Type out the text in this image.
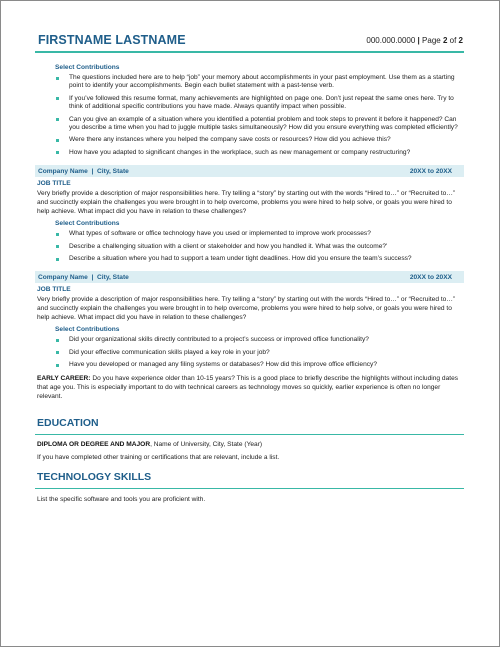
FIRSTNAME LASTNAME	000.000.0000 | Page 2 of 2
Select Contributions
The questions included here are to help “job” your memory about accomplishments in your past employment. Use them as a starting point to identify your accomplishments. Begin each bullet statement with a past-tense verb.
If you’ve followed this resume format, many achievements are highlighted on page one. Don’t just repeat the same ones here. Try to think of additional specific contributions you have made. Always quantify impact when possible.
Can you give an example of a situation where you identified a potential problem and took steps to prevent it before it happened? Can you describe a time when you had to juggle multiple tasks simultaneously? How did you ensure everything was completed efficiently?
Were there any instances where you helped the company save costs or resources? How did you achieve this?
How have you adapted to significant changes in the workplace, such as new management or company restructuring?
Company Name | City, State	20XX to 20XX
JOB TITLE
Very briefly provide a description of major responsibilities here. Try telling a “story” by starting out with the words “Hired to…” or “Recruited to…” and succinctly explain the challenges you were brought in to help overcome, problems you were hired to help solve, or goals you were hired to help achieve. What impact did you have in relation to these challenges?
Select Contributions
What types of software or office technology have you used or implemented to improve work processes?
Describe a challenging situation with a client or stakeholder and how you handled it. What was the outcome?'
Describe a situation where you had to support a team under tight deadlines. How did you ensure the team’s success?
Company Name | City, State	20XX to 20XX
JOB TITLE
Very briefly provide a description of major responsibilities here. Try telling a “story” by starting out with the words “Hired to…” or “Recruited to…” and succinctly explain the challenges you were brought in to help overcome, problems you were hired to help solve, or goals you were hired to help achieve. What impact did you have in relation to these challenges?
Select Contributions
Did your organizational skills directly contributed to a project’s success or improved office functionality?
Did your effective communication skills played a key role in your job?
Have you developed or managed any filing systems or databases? How did this improve office efficiency?
EARLY CAREER: Do you have experience older than 10-15 years? This is a good place to briefly describe the highlights without including dates that age you. This is especially important to do with technical careers as technology moves so quickly, earlier experience is often no longer relevant.
EDUCATION
DIPLOMA OR DEGREE AND MAJOR, Name of University, City, State (Year)
If you have completed other training or certifications that are relevant, include a list.
TECHNOLOGY SKILLS
List the specific software and tools you are proficient with.
